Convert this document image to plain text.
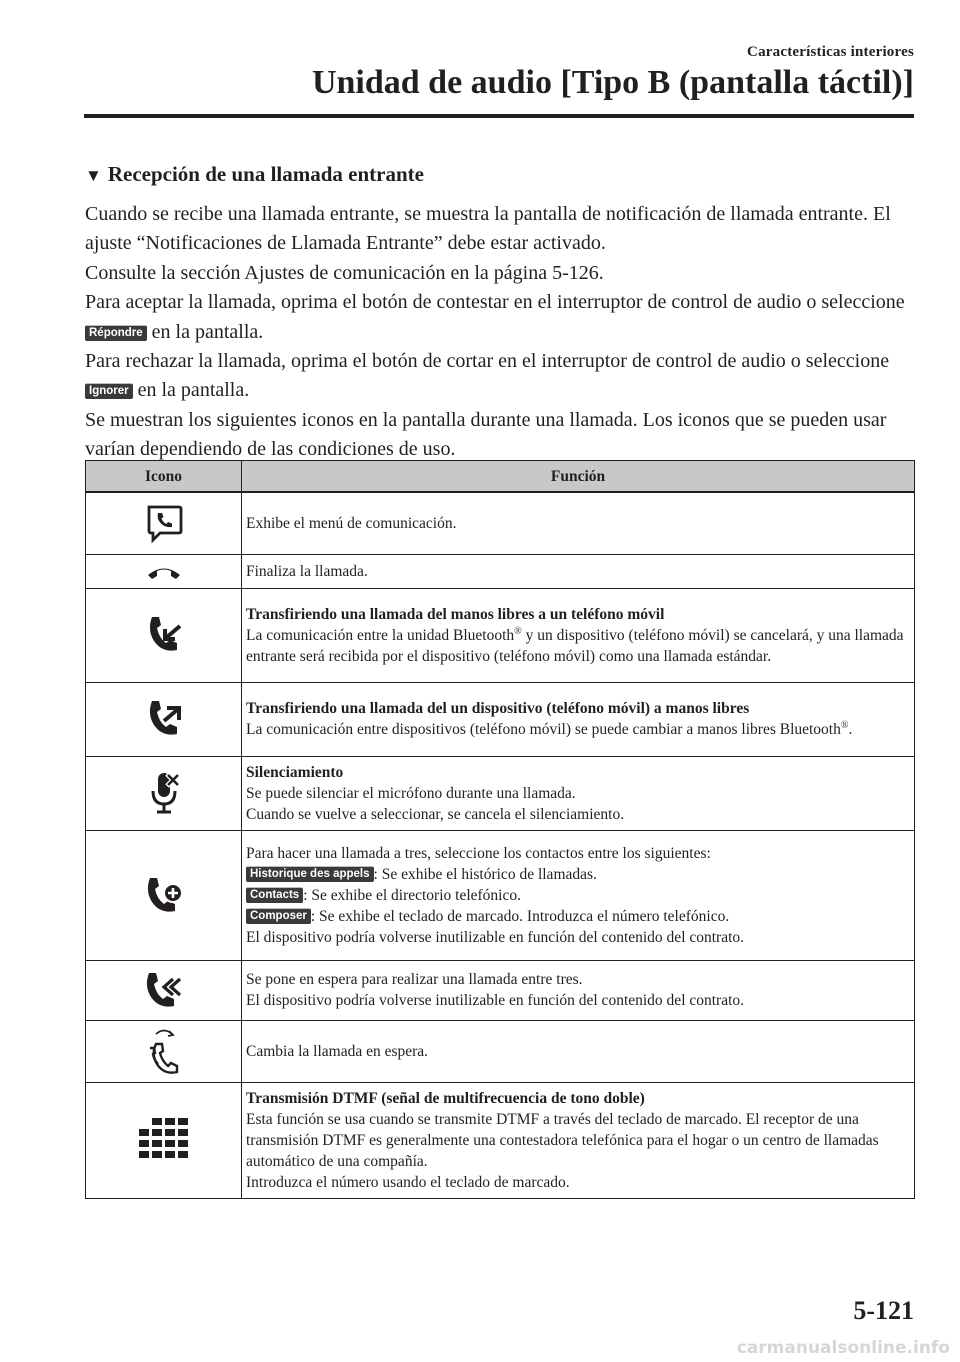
Características interiores
Unidad de audio [Tipo B (pantalla táctil)]
▼ Recepción de una llamada entrante

Cuando se recibe una llamada entrante, se muestra la pantalla de notificación de llamada entrante. El ajuste “Notificaciones de Llamada Entrante” debe estar activado.

Consulte la sección Ajustes de comunicación en la página 5-126.

Para aceptar la llamada, oprima el botón de contestar en el interruptor de control de audio o seleccione Répondre en la pantalla.

Para rechazar la llamada, oprima el botón de cortar en el interruptor de control de audio o seleccione Ignorer en la pantalla.

Se muestran los siguientes iconos en la pantalla durante una llamada. Los iconos que se pueden usar varían dependiendo de las condiciones de uso.

Icono	Función
	Exhibe el menú de comunicación.
	Finaliza la llamada.

Transfiriendo una llamada del manos libres a un teléfono móvil
La comunicación entre la unidad Bluetooth® y un dispositivo (teléfono móvil) se cancelará, y una llamada entrante será recibida por el dispositivo (teléfono móvil) como una llamada estándar.

Transfiriendo una llamada del un dispositivo (teléfono móvil) a manos libres
La comunicación entre dispositivos (teléfono móvil) se puede cambiar a manos libres Bluetooth®.

Silenciamiento
Se puede silenciar el micrófono durante una llamada.
Cuando se vuelve a seleccionar, se cancela el silenciamiento.

Para hacer una llamada a tres, seleccione los contactos entre los siguientes:
Historique des appels : Se exhibe el histórico de llamadas.
Contacts : Se exhibe el directorio telefónico.
Composer : Se exhibe el teclado de marcado. Introduzca el número telefónico.
El dispositivo podría volverse inutilizable en función del contenido del contrato.

Se pone en espera para realizar una llamada entre tres.
El dispositivo podría volverse inutilizable en función del contenido del contrato.

	Cambia la llamada en espera.

Transmisión DTMF (señal de multifrecuencia de tono doble)
Esta función se usa cuando se transmite DTMF a través del teclado de marcado. El receptor de una transmisión DTMF es generalmente una contestadora telefónica para el hogar o un centro de llamadas automático de una compañía.
Introduzca el número usando el teclado de marcado.
5-121
carmanualsonline.info
